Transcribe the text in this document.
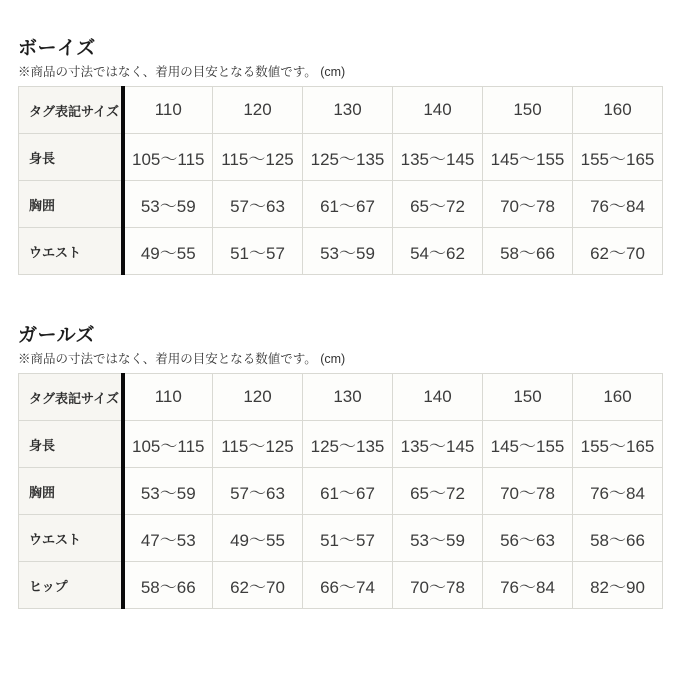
ボーイズ

※商品の寸法ではなく、着用の目安となる数値です。 (cm)

タグ表記サイズ	110	120	130	140	150	160
身長	105〜115	115〜125	125〜135	135〜145	145〜155	155〜165
胸囲	53〜59	57〜63	61〜67	65〜72	70〜78	76〜84
ウエスト	49〜55	51〜57	53〜59	54〜62	58〜66	62〜70
ガールズ

※商品の寸法ではなく、着用の目安となる数値です。 (cm)

タグ表記サイズ	110	120	130	140	150	160
身長	105〜115	115〜125	125〜135	135〜145	145〜155	155〜165
胸囲	53〜59	57〜63	61〜67	65〜72	70〜78	76〜84
ウエスト	47〜53	49〜55	51〜57	53〜59	56〜63	58〜66
ヒップ	58〜66	62〜70	66〜74	70〜78	76〜84	82〜90
